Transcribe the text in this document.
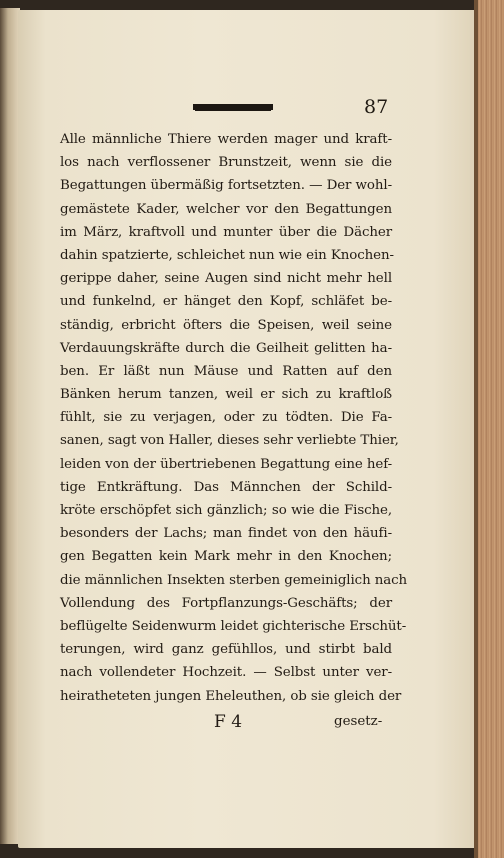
87
Alle männliche Thiere werden mager und kraft-
los nach verflossener Brunstzeit, wenn sie die
Begattungen übermäßig fortsetzten. — Der wohl-
gemästete Kader, welcher vor den Begattungen
im März, kraftvoll und munter über die Dächer
dahin spatzierte, schleichet nun wie ein Knochen-
gerippe daher, seine Augen sind nicht mehr hell
und funkelnd, er hänget den Kopf, schläfet be-
ständig, erbricht öfters die Speisen, weil seine
Verdauungskräfte durch die Geilheit gelitten ha-
ben. Er läßt nun Mäuse und Ratten auf den
Bänken herum tanzen, weil er sich zu kraftloß
fühlt, sie zu verjagen, oder zu tödten. Die Fa-
sanen, sagt von Haller, dieses sehr verliebte Thier,
leiden von der übertriebenen Begattung eine hef-
tige Entkräftung. Das Männchen der Schild-
kröte erschöpfet sich gänzlich; so wie die Fische,
besonders der Lachs; man findet von den häufi-
gen Begatten kein Mark mehr in den Knochen;
die männlichen Insekten sterben gemeiniglich nach
Vollendung des Fortpflanzungs-Geschäfts; der
beflügelte Seidenwurm leidet gichterische Erschüt-
terungen, wird ganz gefühllos, und stirbt bald
nach vollendeter Hochzeit. — Selbst unter ver-
heiratheteten jungen Eheleuthen, ob sie gleich der
F 4	gesetz-
